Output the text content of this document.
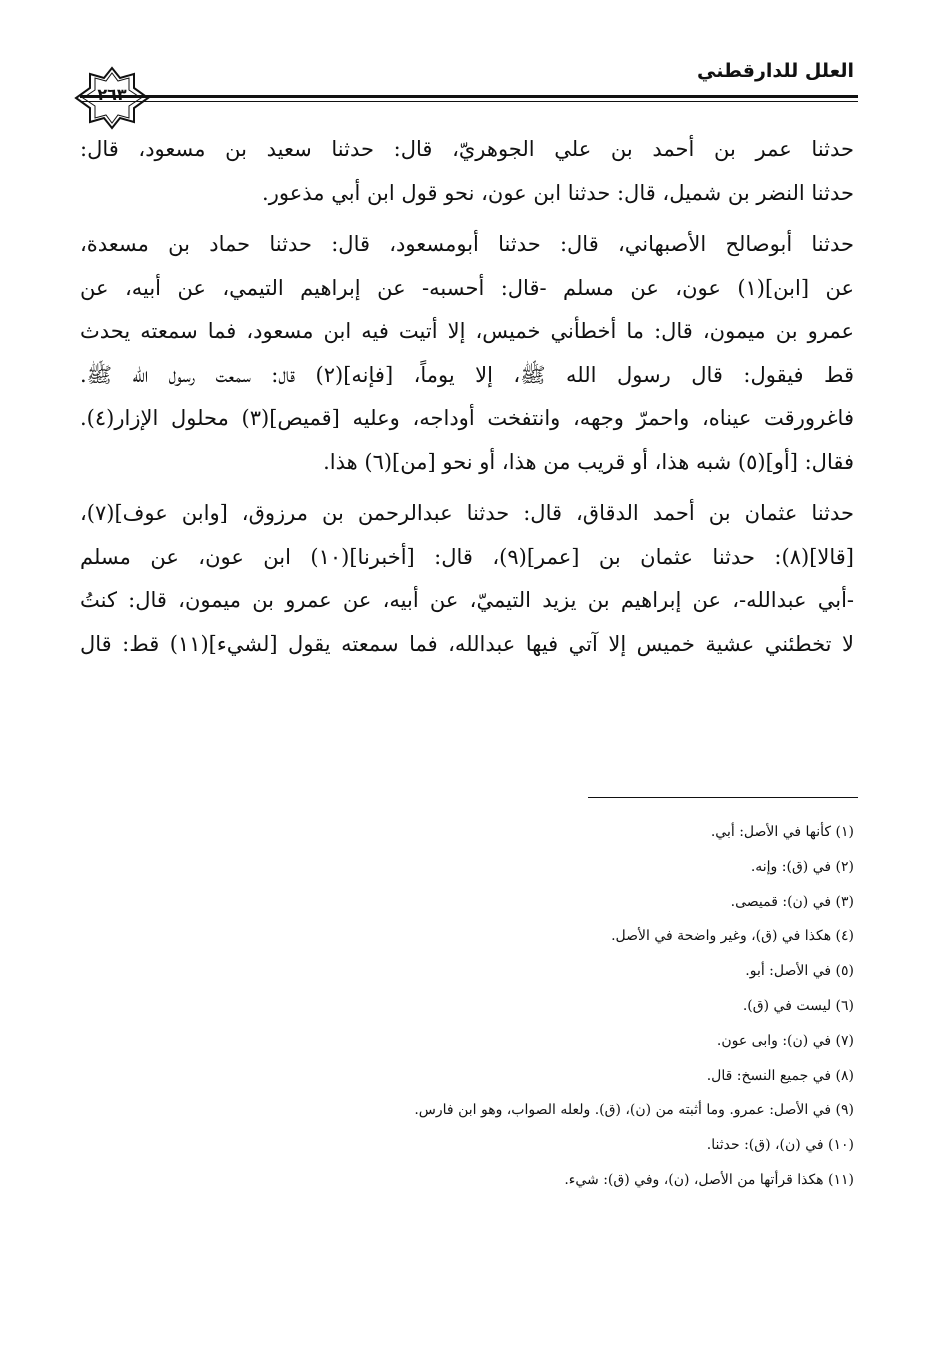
العلل للدارقطني
٢٦٣
حدثنا عمر بن أحمد بن علي الجوهريّ، قال: حدثنا سعيد بن مسعود، قال:
حدثنا النضر بن شميل، قال: حدثنا ابن عون، نحو قول ابن أبي مذعور.
حدثنا أبوصالح الأصبهاني، قال: حدثنا أبومسعود، قال: حدثنا حماد بن مسعدة،
عن [ابن](١) عون، عن مسلم -قال: أحسبه- عن إبراهيم التيمي، عن أبيه، عن
عمرو بن ميمون، قال: ما أخطأني خميس، إلا أتيت فيه ابن مسعود، فما سمعته يحدث
قط فيقول: قال رسول الله ﷺ، إلا يوماً، [فإنه](٢) قال: سمعت رسول الله ﷺ.
فاغرورقت عيناه، واحمرّ وجهه، وانتفخت أوداجه، وعليه [قميص](٣) محلول الإزار(٤).
فقال: [أو](٥) شبه هذا، أو قريب من هذا، أو نحو [من](٦) هذا.
حدثنا عثمان بن أحمد الدقاق، قال: حدثنا عبدالرحمن بن مرزوق، [وابن عوف](٧)،
[قالا](٨): حدثنا عثمان بن [عمر](٩)، قال: [أخبرنا](١٠) ابن عون، عن مسلم
-أبي عبدالله-، عن إبراهيم بن يزيد التيميّ، عن أبيه، عن عمرو بن ميمون، قال: كنتُ
لا تخطئني عشية خميس إلا آتي فيها عبدالله، فما سمعته يقول [لشيء](١١) قط: قال
(١) كأنها في الأصل: أبي.
(٢) في (ق): وإنه.
(٣) في (ن): قميصى.
(٤) هكذا في (ق)، وغير واضحة في الأصل.
(٥) في الأصل: أبو.
(٦) ليست في (ق).
(٧) في (ن): وابى عون.
(٨) في جميع النسخ: قال.
(٩) في الأصل: عمرو. وما أثبته من (ن)، (ق). ولعله الصواب، وهو ابن فارس.
(١٠) في (ن)، (ق): حدثنا.
(١١) هكذا قرأتها من الأصل، (ن)، وفي (ق): شيء.
